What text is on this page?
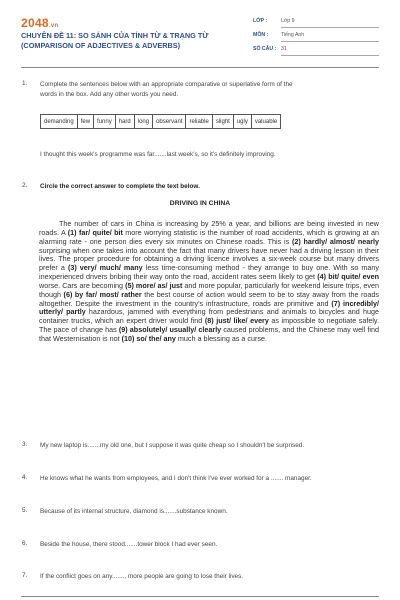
2048.vn
CHUYÊN ĐỀ 11: SO SÁNH CỦA TÍNH TỪ & TRẠNG TỪ
(COMPARISON OF ADJECTIVES & ADVERBS)
LỚP :	Lớp 9
MÔN : Tiếng Anh
SỐ CÂU : 31
1. Complete the sentences below with an appropriate comparative or superlative form of the
words in the box. Add any other words you need.
demanding	few	funny	hard	long	observant	reliable	slight	ugly	valuable
I thought this week's programme was far.......last week's, so it's definitely improving.
2. Circle the correct answer to complete the text below.
DRIVING IN CHINA
The number of cars in China is increasing by 25% a year, and billions are being invested in new roads. A (1) far/ quite/ bit more worrying statistic is the number of road accidents, which is growing at an alarming rate - one person dies every six minutes on Chinese roads. This is (2) hardly/ almost/ nearly surprising when one takes into account the fact that many drivers have never had a driving lesson in their lives. The proper procedure for obtaining a driving licence involves a six-week course but many drivers prefer a (3) very/ much/ many less time-consuming method - they arrange to buy one. With so many inexperienced drivers bribing their way onto the road, accident rates seem likely to get (4) bit/ quite/ even worse. Cars are becoming (5) more/ as/ just and more popular, particularly for weekend leisure trips, even though (6) by far/ most/ rather the best course of action would seem to be to stay away from the roads altogether. Despite the investment in the country's infrastructure, roads are primitive and (7) incredibly/ utterly/ partly hazardous, jammed with everything from pedestrians and animals to bicycles and huge container trucks, which an expert driver would find (8) just/ like/ every as impossible to negotiate safely. The pace of change has (9) absolutely/ usually/ clearly caused problems, and the Chinese may well find that Westernisation is not (10) so/ the/ any much a blessing as a curse.
3. My new laptop is.......my old one, but I suppose it was quite cheap so I shouldn't be surprised.
4. He knows what he wants from employees, and I don't think I've ever worked for a ....... manager.
5. Because of its internal structure, diamond is.......substance known.
6. Beside the house, there stood.......tower block I had ever seen.
7. If the conflict goes on any......., more people are going to lose their lives.
